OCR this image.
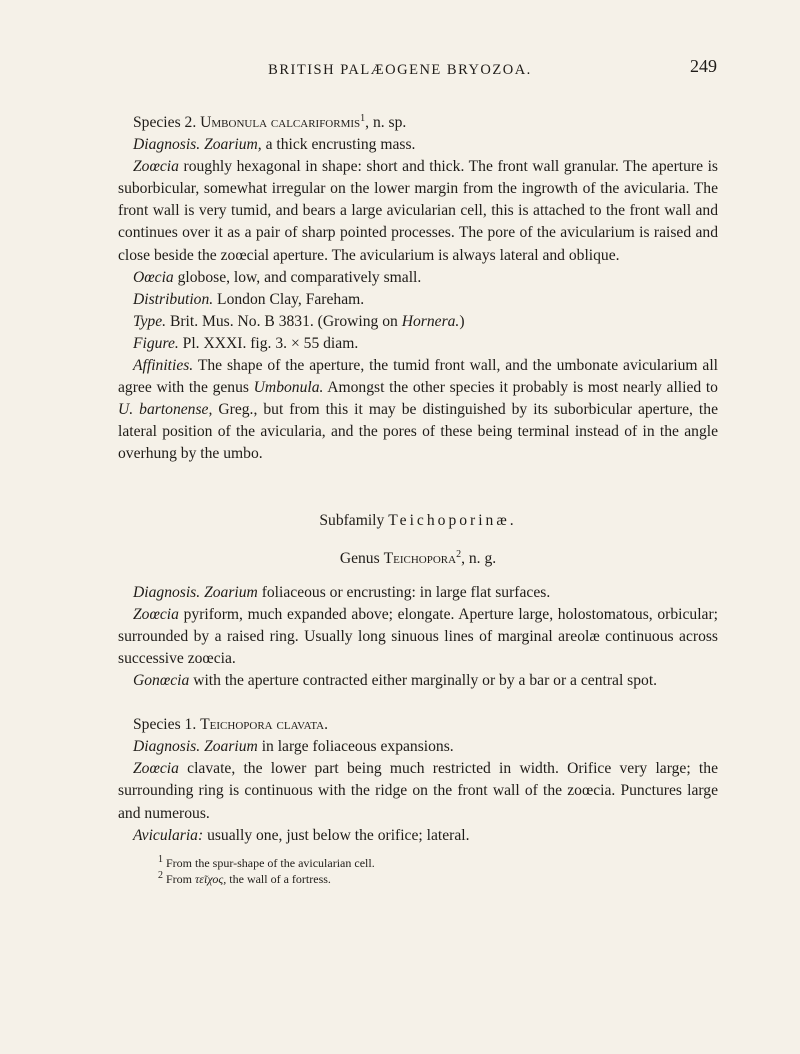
BRITISH PALÆOGENE BRYOZOA.	249

Species 2. Umbonula calcariformis$^1$, n. sp.

Diagnosis. Zoarium, a thick encrusting mass.

Zoœcia roughly hexagonal in shape: short and thick. The front wall granular. The aperture is suborbicular, somewhat irregular on the lower margin from the ingrowth of the avicularia. The front wall is very tumid, and bears a large avicularian cell, this is attached to the front wall and continues over it as a pair of sharp pointed processes. The pore of the avicularium is raised and close beside the zoœcial aperture. The avicularium is always lateral and oblique.

Oœcia globose, low, and comparatively small.

Distribution. London Clay, Fareham.

Type. Brit. Mus. No. B 3831. (Growing on Hornera.)

Figure. Pl. XXXI. fig. 3. × 55 diam.

Affinities. The shape of the aperture, the tumid front wall, and the umbonate avicularium all agree with the genus Umbonula. Amongst the other species it probably is most nearly allied to U. bartonense, Greg., but from this it may be distinguished by its suborbicular aperture, the lateral position of the avicularia, and the pores of these being terminal instead of in the angle overhung by the umbo.

Subfamily Teichoporinæ.

Genus Teichopora$^2$, n. g.

Diagnosis. Zoarium foliaceous or encrusting: in large flat surfaces.

Zoœcia pyriform, much expanded above; elongate. Aperture large, holostomatous, orbicular; surrounded by a raised ring. Usually long sinuous lines of marginal areolæ continuous across successive zoœcia.

Gonœcia with the aperture contracted either marginally or by a bar or a central spot.

Species 1. Teichopora clavata.

Diagnosis. Zoarium in large foliaceous expansions.

Zoœcia clavate, the lower part being much restricted in width. Orifice very large; the surrounding ring is continuous with the ridge on the front wall of the zoœcia. Punctures large and numerous.

Avicularia: usually one, just below the orifice; lateral.

$^1$ From the spur-shape of the avicularian cell.

$^2$ From τεῖχος, the wall of a fortress.
